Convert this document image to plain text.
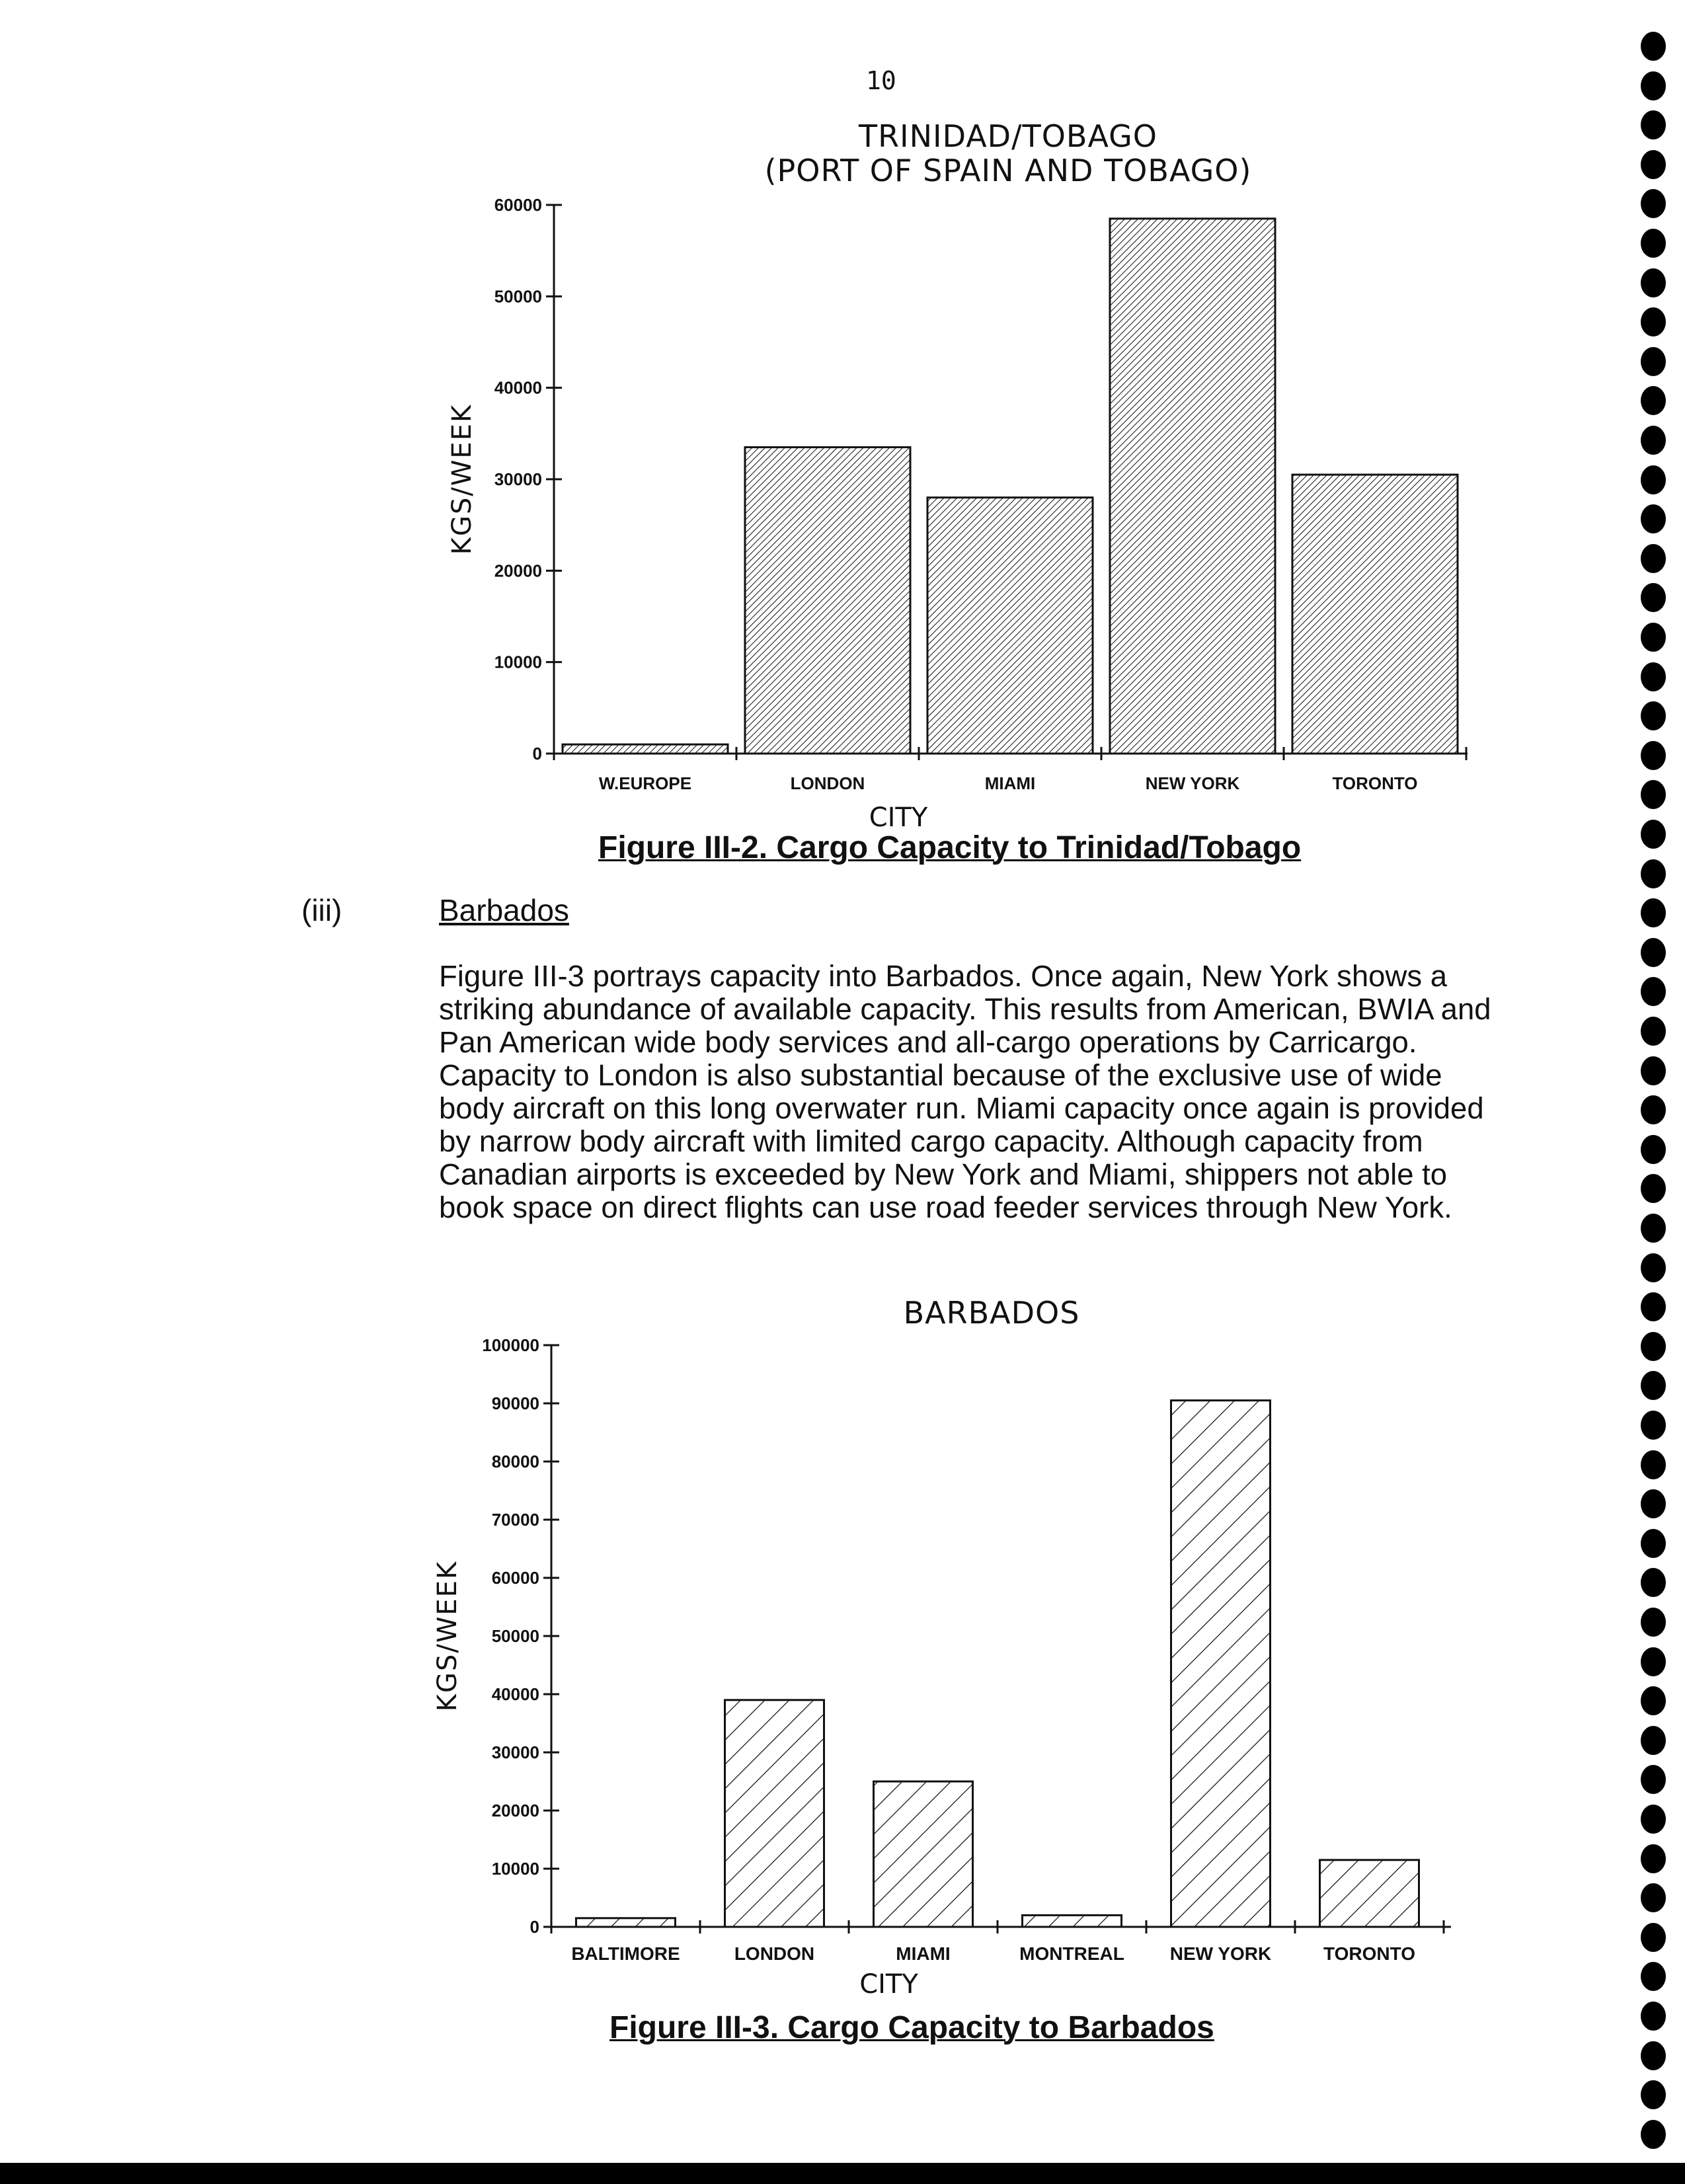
10
TRINIDAD/TOBAGO
(PORT OF SPAIN AND TOBAGO)
0
10000
20000
30000
40000
50000
60000
KGS/WEEK
W.EUROPE	LONDON	MIAMI	NEW YORK	TORONTO
CITY
Figure III-2. Cargo Capacity to Trinidad/Tobago
(iii)	Barbados
Figure III-3 portrays capacity into Barbados. Once again, New York shows a striking abundance of available capacity. This results from American, BWIA and Pan American wide body services and all-cargo operations by Carricargo. Capacity to London is also substantial because of the exclusive use of wide body aircraft on this long overwater run. Miami capacity once again is provided by narrow body aircraft with limited cargo capacity. Although capacity from Canadian airports is exceeded by New York and Miami, shippers not able to book space on direct flights can use road feeder services through New York.
BARBADOS
0
10000
20000
30000
40000
50000
60000
70000
80000
90000
100000
KGS/WEEK
BALTIMORE	LONDON	MIAMI	MONTREAL NEW YORK	TORONTO
CITY
Figure III-3. Cargo Capacity to Barbados
